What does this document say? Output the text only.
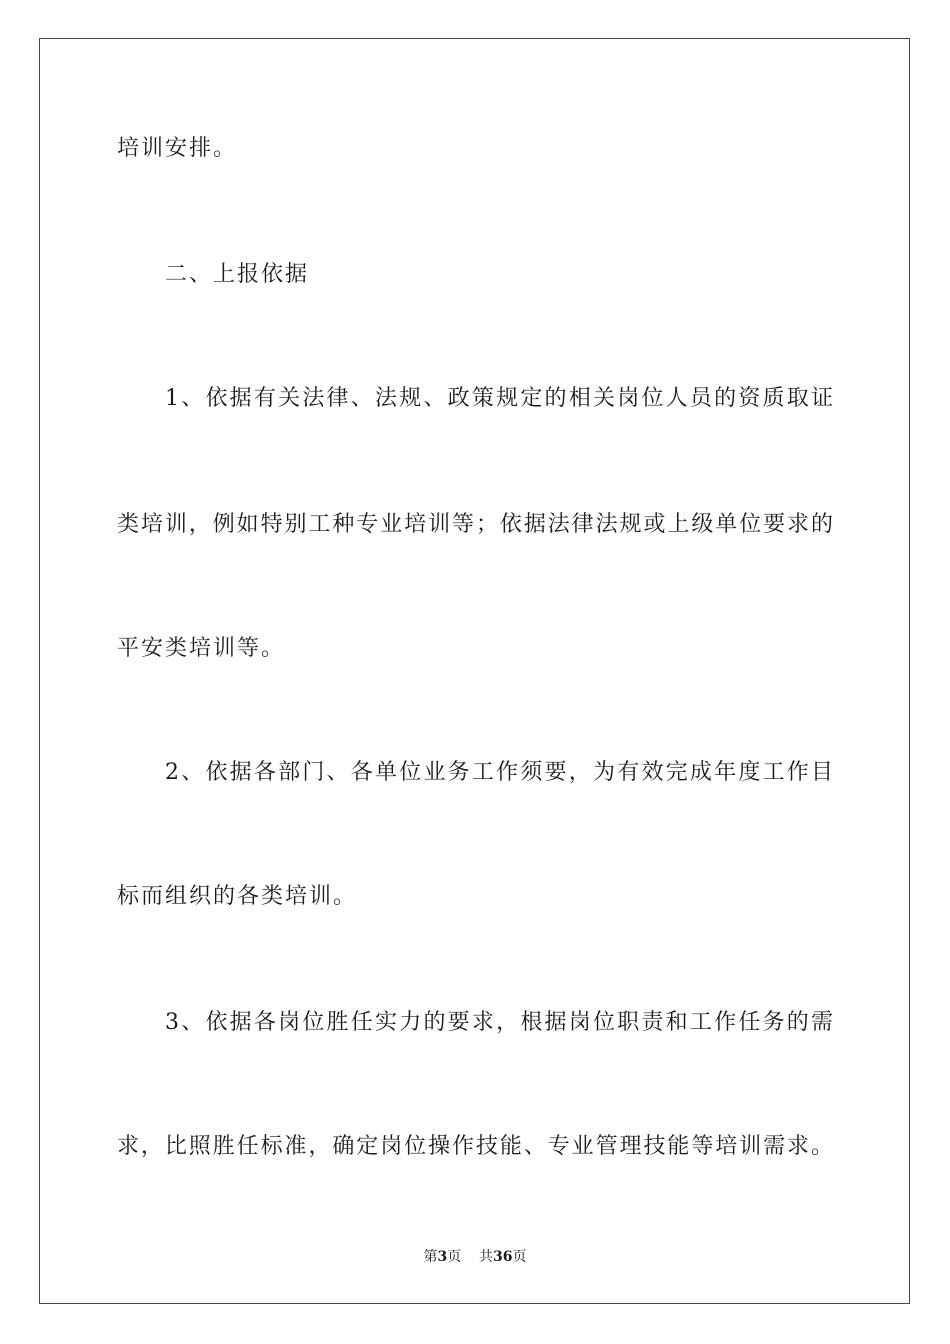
培训安排。
二、上报依据
1、依据有关法律、法规、政策规定的相关岗位人员的资质取证
类培训，例如特别工种专业培训等；依据法律法规或上级单位要求的
平安类培训等。
2、依据各部门、各单位业务工作须要，为有效完成年度工作目
标而组织的各类培训。
3、依据各岗位胜任实力的要求，根据岗位职责和工作任务的需
求，比照胜任标准，确定岗位操作技能、专业管理技能等培训需求。
第3页 共36页
